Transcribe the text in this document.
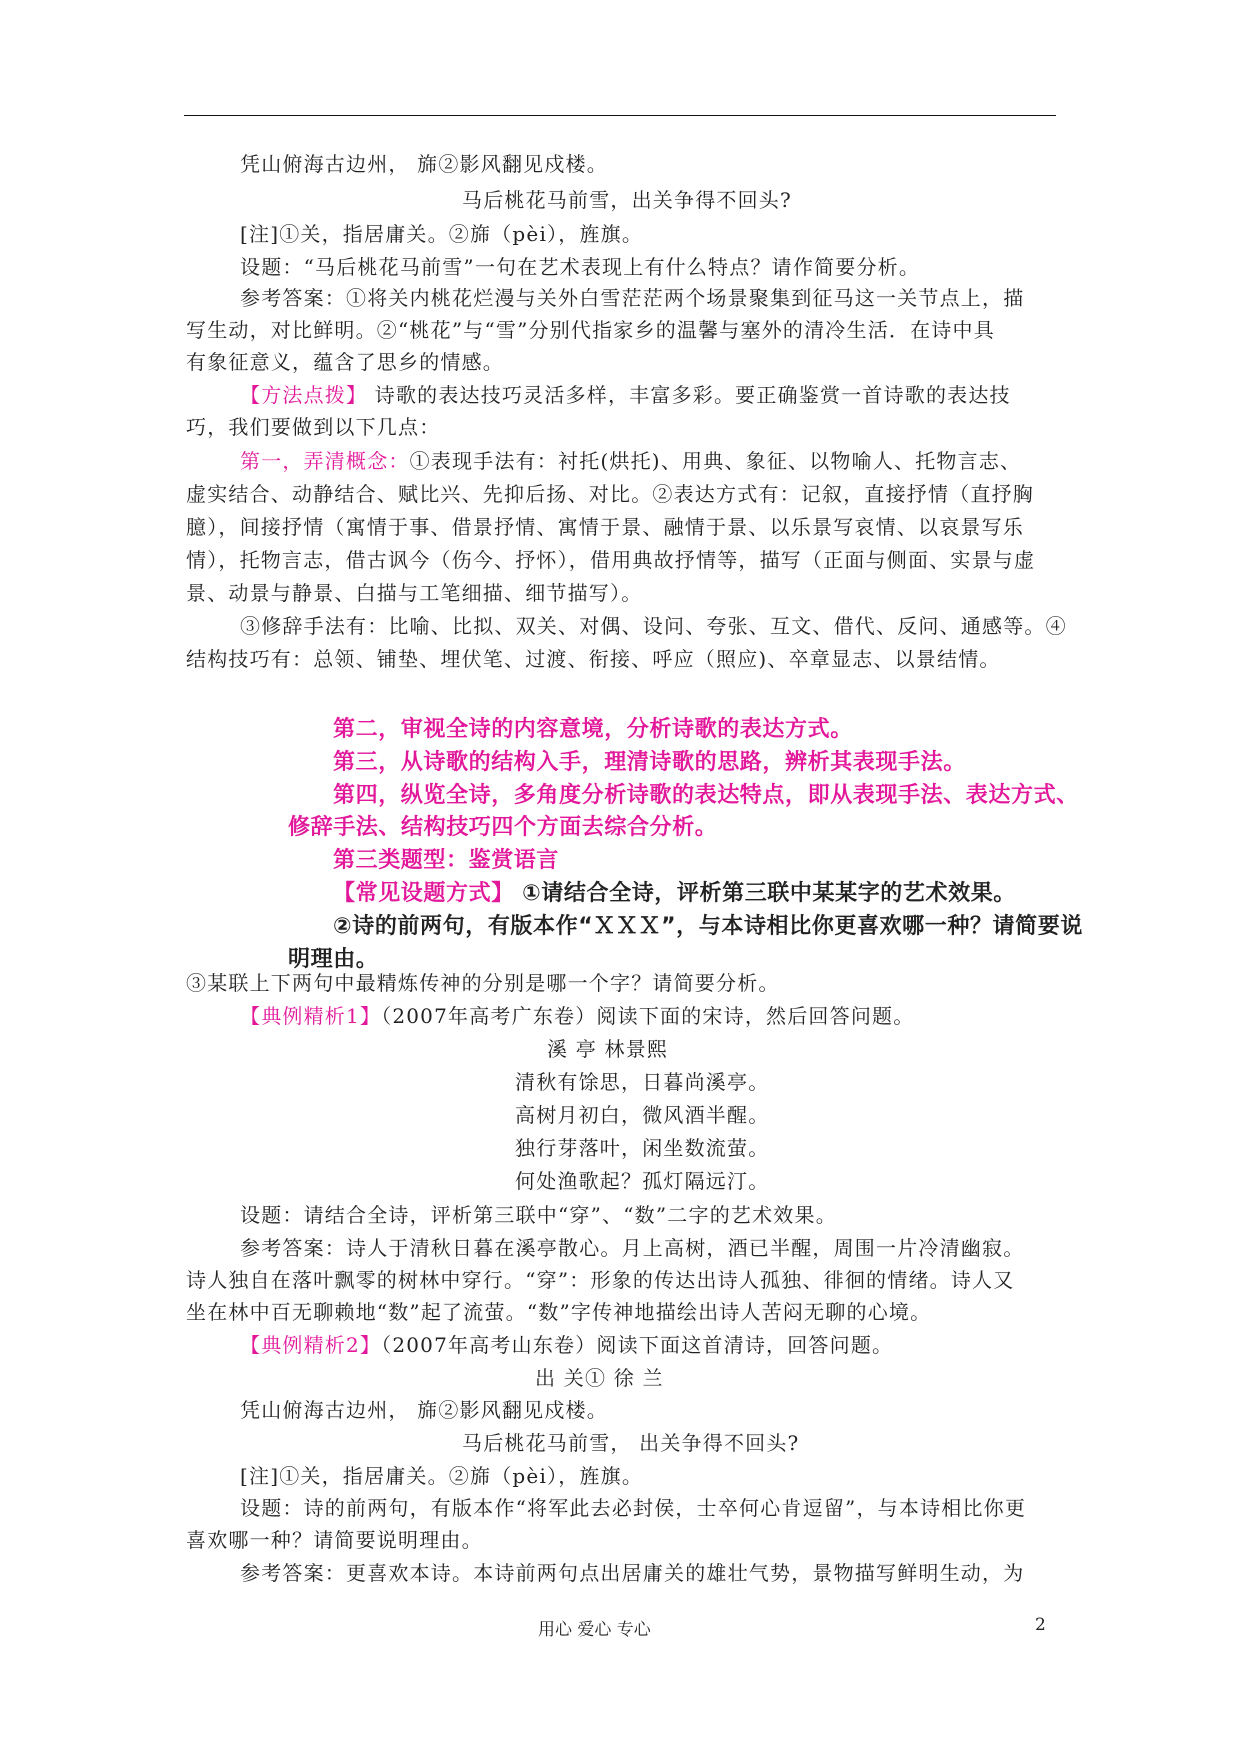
凭山俯海古边州， 旆②影风翻见戍楼。
马后桃花马前雪，出关争得不回头?
[注]①关，指居庸关。②旆（pèi），旌旗。
设题：“马后桃花马前雪”一句在艺术表现上有什么特点？请作简要分析。
参考答案：①将关内桃花烂漫与关外白雪茫茫两个场景聚集到征马这一关节点上，描
写生动，对比鲜明。②“桃花”与“雪”分别代指家乡的温馨与塞外的清冷生活．在诗中具
有象征意义，蕴含了思乡的情感。
【方法点拨】 诗歌的表达技巧灵活多样，丰富多彩。要正确鉴赏一首诗歌的表达技
巧，我们要做到以下几点：
第一，弄清概念：①表现手法有：衬托(烘托)、用典、象征、以物喻人、托物言志、
虚实结合、动静结合、赋比兴、先抑后扬、对比。②表达方式有：记叙，直接抒情（直抒胸
臆），间接抒情（寓情于事、借景抒情、寓情于景、融情于景、以乐景写哀情、以哀景写乐
情），托物言志，借古讽今（伤今、抒怀），借用典故抒情等，描写（正面与侧面、实景与虚
景、动景与静景、白描与工笔细描、细节描写）。
③修辞手法有：比喻、比拟、双关、对偶、设问、夸张、互文、借代、反问、通感等。④
结构技巧有：总领、铺垫、埋伏笔、过渡、衔接、呼应（照应)、卒章显志、以景结情。
③某联上下两句中最精炼传神的分别是哪一个字？请简要分析。
【典例精析1】（2007年高考广东卷）阅读下面的宋诗，然后回答问题。
溪 亭 林景熙
清秋有馀思，日暮尚溪亭。
高树月初白，微风酒半醒。
独行芽落叶，闲坐数流萤。
何处渔歌起？孤灯隔远汀。
设题：请结合全诗，评析第三联中“穿”、“数”二字的艺术效果。
参考答案：诗人于清秋日暮在溪亭散心。月上高树，酒已半醒，周围一片冷清幽寂。
诗人独自在落叶飘零的树林中穿行。“穿”：形象的传达出诗人孤独、徘徊的情绪。诗人又
坐在林中百无聊赖地“数”起了流萤。“数”字传神地描绘出诗人苦闷无聊的心境。
【典例精析2】（2007年高考山东卷）阅读下面这首清诗，回答问题。
出 关① 徐 兰
凭山俯海古边州， 旆②影风翻见戍楼。
马后桃花马前雪， 出关争得不回头?
[注]①关，指居庸关。②旆（pèi），旌旗。
设题：诗的前两句，有版本作“将军此去必封侯，士卒何心肯逗留”，与本诗相比你更
喜欢哪一种？请简要说明理由。
参考答案：更喜欢本诗。本诗前两句点出居庸关的雄壮气势，景物描写鲜明生动，为
第二，审视全诗的内容意境，分析诗歌的表达方式。
第三，从诗歌的结构入手，理清诗歌的思路，辨析其表现手法。
第四，纵览全诗，多角度分析诗歌的表达特点，即从表现手法、表达方式、
修辞手法、结构技巧四个方面去综合分析。
第三类题型：鉴赏语言
【常见设题方式】 ①请结合全诗，评析第三联中某某字的艺术效果。
②诗的前两句，有版本作“ＸＸＸ”，与本诗相比你更喜欢哪一种？请简要说
明理由。
用心 爱心 专心	2
